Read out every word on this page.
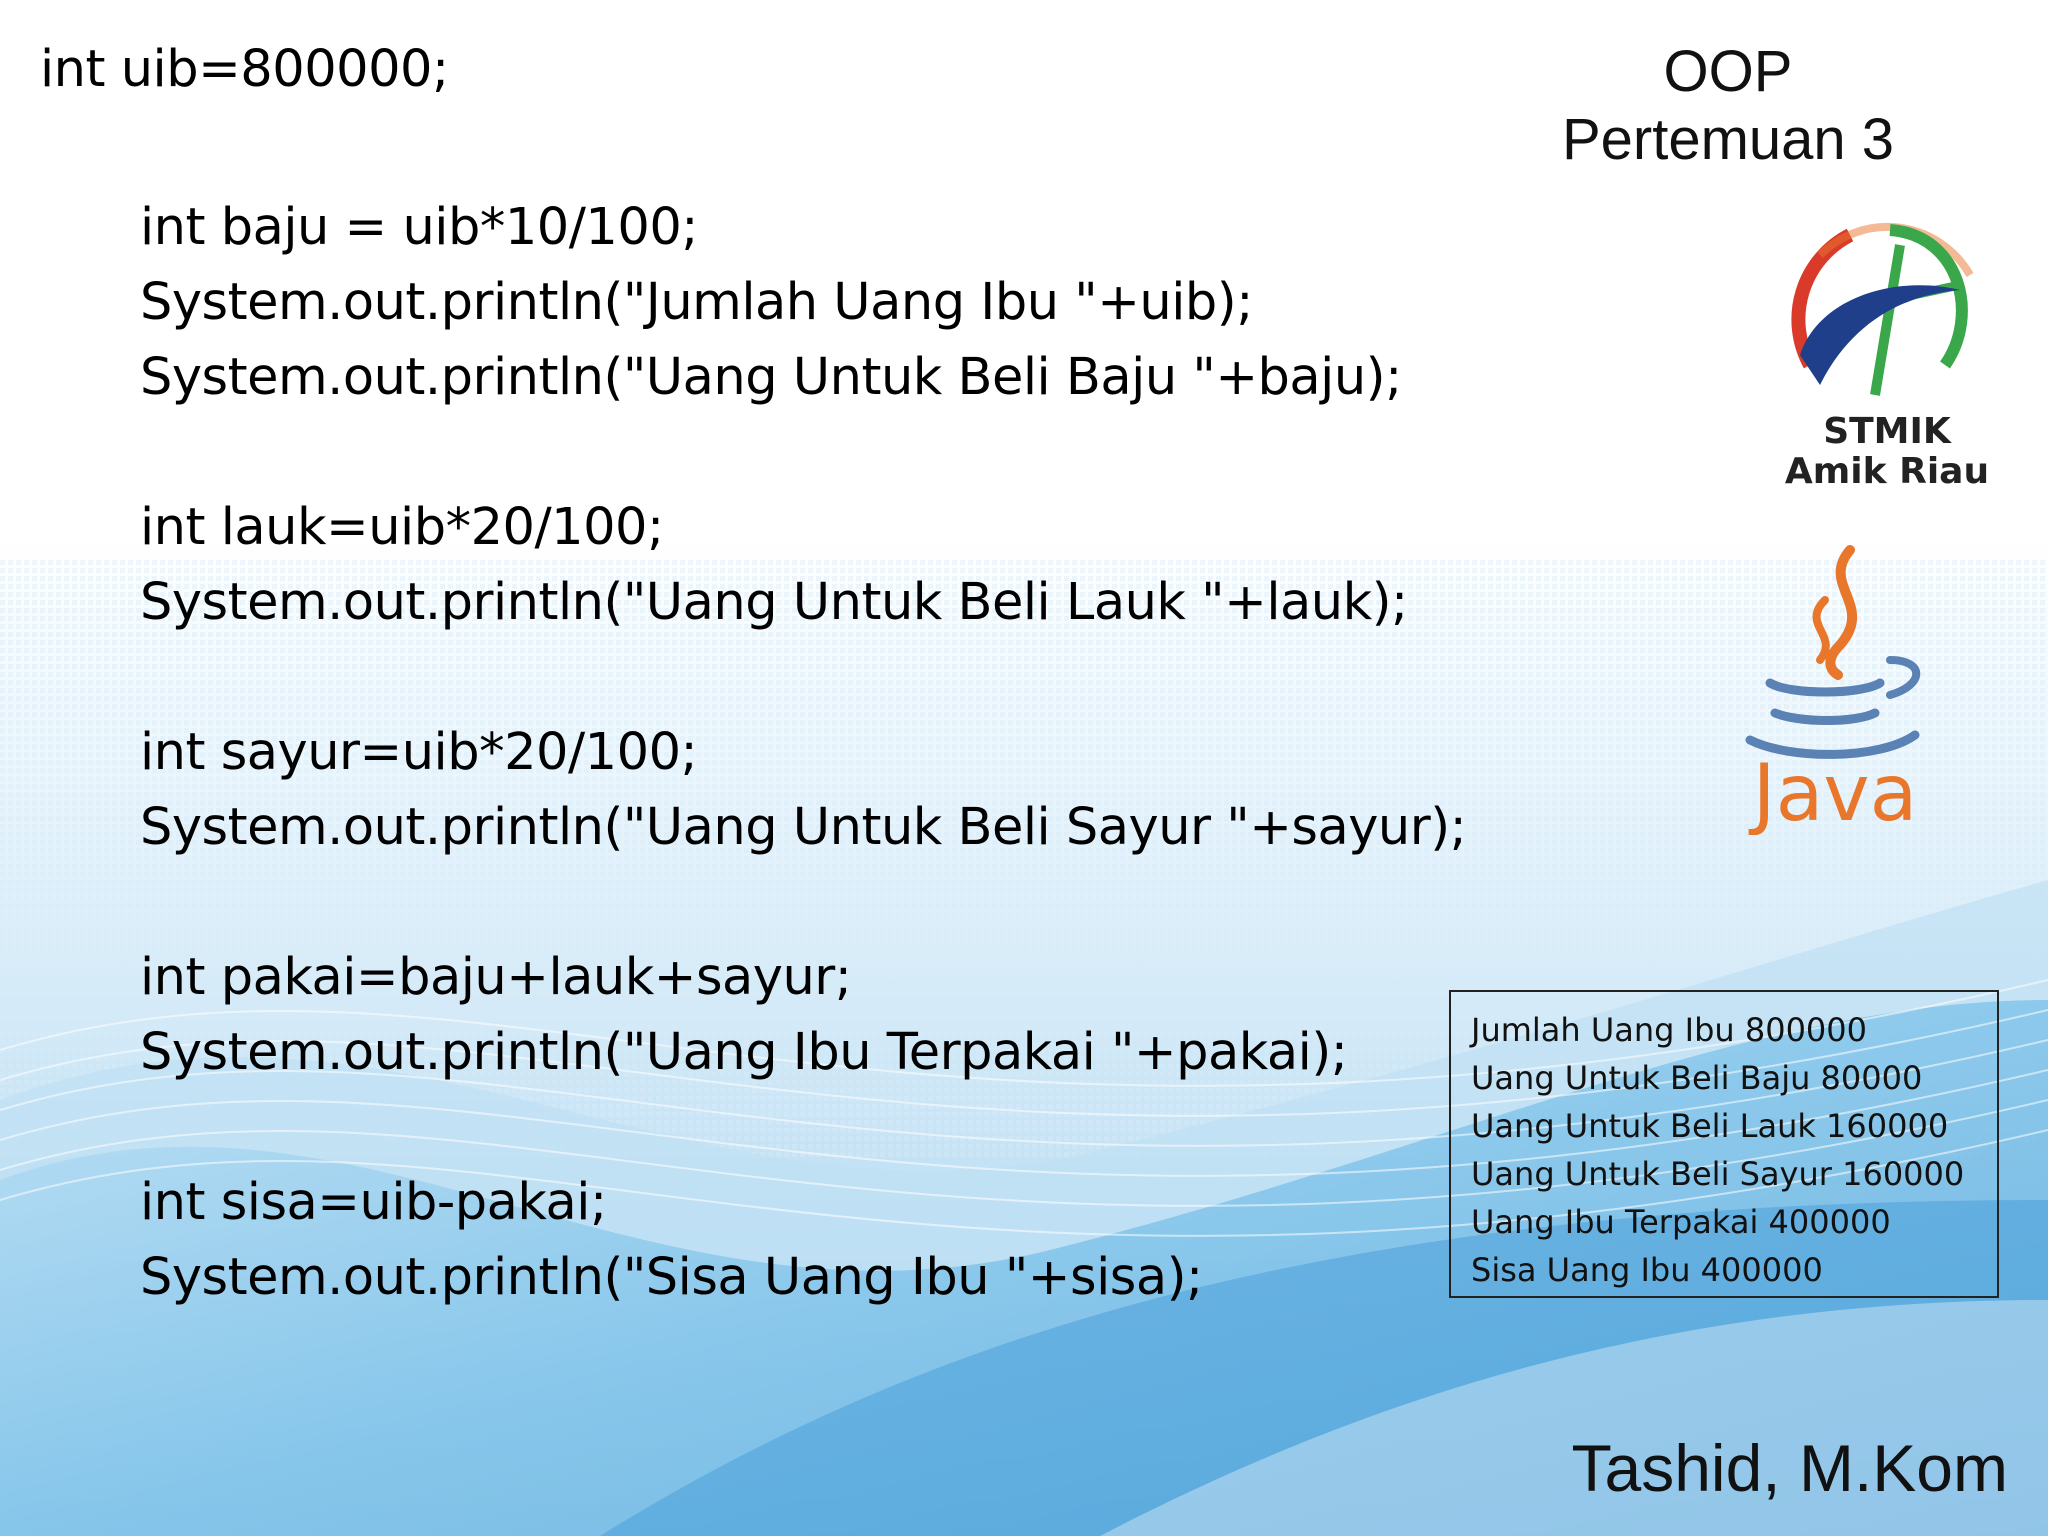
int uib=800000;	OOP
Pertemuan 3
int baju = uib*10/100;
System.out.println("Jumlah Uang Ibu "+uib);
System.out.println("Uang Untuk Beli Baju "+baju);
int lauk=uib*20/100;
System.out.println("Uang Untuk Beli Lauk "+lauk);
int sayur=uib*20/100;
System.out.println("Uang Untuk Beli Sayur "+sayur);
int pakai=baju+lauk+sayur;
System.out.println("Uang Ibu Terpakai "+pakai);
int sisa=uib-pakai;
System.out.println("Sisa Uang Ibu "+sisa);
STMIK
Amik Riau
Java
Jumlah Uang Ibu 800000
Uang Untuk Beli Baju 80000
Uang Untuk Beli Lauk 160000
Uang Untuk Beli Sayur 160000
Uang Ibu Terpakai 400000
Sisa Uang Ibu 400000
Tashid, M.Kom
